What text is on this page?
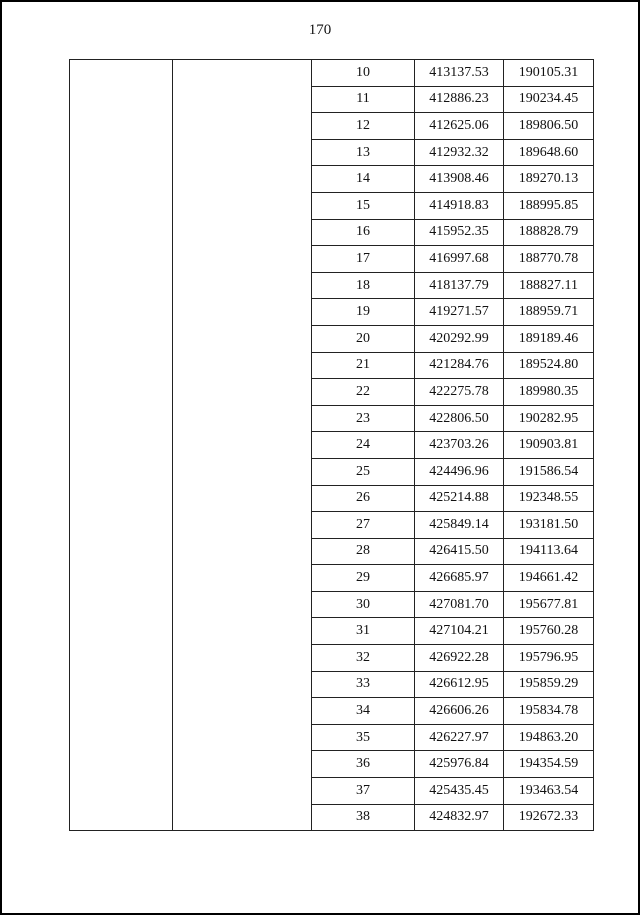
170
10	413137.53	190105.31
11	412886.23	190234.45
12	412625.06	189806.50
13	412932.32	189648.60
14	413908.46	189270.13
15	414918.83	188995.85
16	415952.35	188828.79
17	416997.68	188770.78
18	418137.79	188827.11
19	419271.57	188959.71
20	420292.99	189189.46
21	421284.76	189524.80
22	422275.78	189980.35
23	422806.50	190282.95
24	423703.26	190903.81
25	424496.96	191586.54
26	425214.88	192348.55
27	425849.14	193181.50
28	426415.50	194113.64
29	426685.97	194661.42
30	427081.70	195677.81
31	427104.21	195760.28
32	426922.28	195796.95
33	426612.95	195859.29
34	426606.26	195834.78
35	426227.97	194863.20
36	425976.84	194354.59
37	425435.45	193463.54
38	424832.97	192672.33
